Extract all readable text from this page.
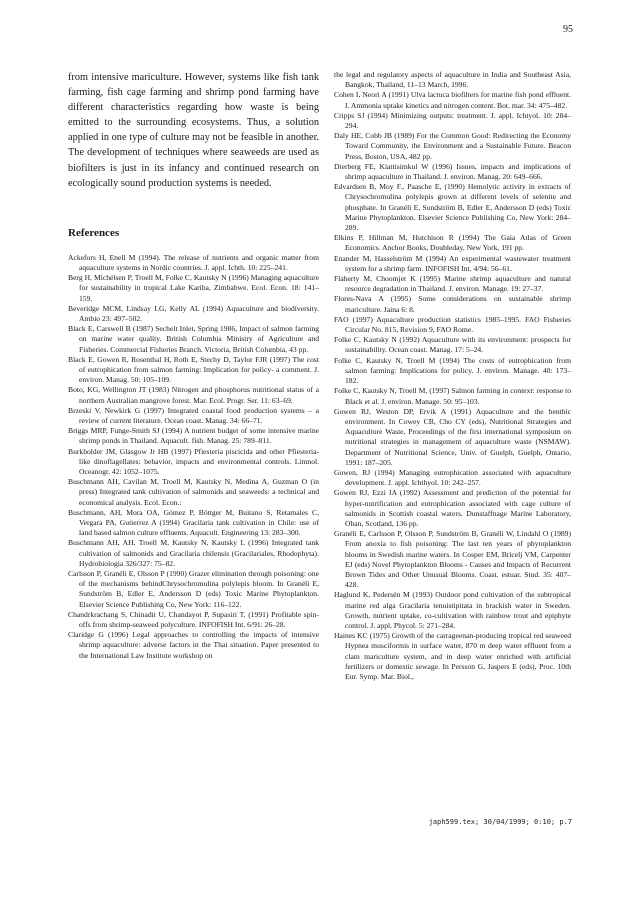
95

from intensive mariculture. However, systems like fish tank farming, fish cage farming and shrimp pond farming have different characteristics regarding how waste is being emitted to the surrounding ecosystems. Thus, a solution applied in one type of culture may not be feasible in another. The development of techniques where seaweeds are used as biofilters is just in its infancy and continued research on ecologically sound production systems is needed.

References

Ackefors H, Enell M (1994). The release of nutrients and organic matter from aquaculture systems in Nordic countries. J. appl. Ichth. 10: 225–241.

Berg H, Michélsen P, Troell M, Folke C, Kautsky N (1996) Managing aquaculture for sustainability in tropical Lake Kariba, Zimbabwe. Ecol. Econ. 18: 141–159.

Beveridge MCM, Lindsay LG, Kelly AL (1994) Aquaculture and biodiversity. Ambio 23: 497–502.

Black E, Carswell B (1987) Sechelt Inlet, Spring 1986, Impact of salmon farming on marine water quality. British Columbia Ministry of Agriculture and Fisheries. Commercial Fisheries Branch. Victoria, British Columbia, 43 pp.

Black E, Gowen R, Rosenthal H, Roth E, Stechy D, Taylor FJR (1997) The cost of eutrophication from salmon farming: Implication for policy- a comment. J. environ. Manag. 50: 105–109.

Boto, KG, Wellington JT (1983) Nitrogen and phosphorus nutritional status of a northern Australian mangrove forest. Mar. Ecol. Progr. Ser. 11: 63–69.

Brzeski V, Newkirk G (1997) Integrated coastal food production systems – a review of current literature. Ocean coast. Manag. 34: 66–71.

Briggs MRP, Funge-Smith SJ (1994) A nutrient budget of some intensive marine shrimp ponds in Thailand. Aquacult. fish. Manag. 25: 789–811.

Burkholder JM, Glasgow Jr HB (1997) Pfiesteria piscicida and other Pfiesteria-like dinoflagellates: behavior, impacts and environmental controls. Limnol. Oceanogr. 42: 1052–1075.

Buschmann AH, Cavilan M, Troell M, Kautsky N, Medina A, Guzman O (in press) Integrated tank cultivation of salmonids and seaweeds: a technical and economical analysis. Ecol. Econ.:

Buschmann, AH, Mora OA, Gómez P, Böttger M, Buitano S, Retamales C, Vergara PA, Gutierrez A (1994) Gracilaria tank cultivation in Chile: use of land based salmon culture effluents. Aquacult. Engineering 13: 283–300.

Buschmann AH, AH. Troell M, Kautsky N, Kautsky L (1996) Integrated tank cultivation of salmonids and Gracilaria chilensis (Gracilariales, Rhodophyta). Hydrobiologia 326/327: 75–82.

Carlsson P, Granéli E, Olsson P (1990) Grazer elimination through poisoning: one of the mechanisms behindChrysochromulina polylepis bloom. In Granéli E, Sundström B, Edler E, Andersson D (eds) Toxic Marine Phytoplankton. Elsevier Science Publishing Co, New York: 116–122.

Chandrkrachang S, Chinadit U, Chandayot P, Supasiri T. (1991) Profitable spin-offs from shrimp-seaweed polyculture. INFOFISH Int. 6/91: 26–28.

Claridge G (1996) Legal approaches to controlling the impacts of intensive shrimp aquaculture: adverse factors in the Thai situation. Paper presented to the International Law Institute workshop on

the legal and regulatory aspects of aquaculture in India and Southeast Asia, Bangkok, Thailand, 11–13 March, 1996.

Cohen I, Neori A (1991) Ulva lactuca biofilters for marine fish pond effluent. I. Ammonia uptake kinetics and nitrogen content. Bot. mar. 34: 475–482.

Cripps SJ (1994) Minimizing outputs: treatment. J. appl. Ichtyol. 10: 284–294.

Daly HE, Cobb JB (1989) For the Common Good: Redirecting the Economy Toward Community, the Environment and a Sustainable Future. Beacon Press, Boston, USA, 482 pp.

Dierberg FE, Kiattisimkul W (1996) Issues, impacts and implications of shrimp aquaculture in Thailand. J. environ. Manag. 20: 649–666.

Edvardsen B, Moy F., Paasche E, (1990) Hemolytic activity in extracts of Chrysochromulina polylepis grown at different levels of selenite and phosphate. In Granéli E, Sundström B, Edler E, Andersson D (eds) Toxic Marine Phytoplankton. Elsevier Science Publishing Co, New York: 284–289.

Elkins P, Hillman M, Hutchison R (1994) The Gaia Atlas of Green Economics. Anchor Books, Doubleday, New York, 191 pp.

Enander M, Hasselström M (1994) An experimental wastewater treatment system for a shrimp farm. INFOFISH Int. 4/94: 56–61.

Flaherty M, Choomjet K (1995) Marine shrimp aquaculture and natural resource degradation in Thailand. J. environ. Manage. 19: 27–37.

Flores-Nava A (1995) Some considerations on sustainable shrimp mariculture. Jaina 6: 8.

FAO (1997) Aquaculture production statistics 1985–1995. FAO Fisheries Circular No. 815, Revision 9, FAO Rome.

Folke C, Kautsky N (1992) Aquaculture with its environment: prospects for sustainability. Ocean coast. Manag. 17: 5–24.

Folke C, Kautsky N, Troell M (1994) The costs of eutrophication from salmon farming: Implications for policy. J. environ. Manage. 40: 173–182.

Folke C, Kautsky N, Troell M, (1997) Salmon farming in context: response to Black et al. J. environ. Manage. 50: 95–103.

Gowen RJ, Weston DP, Ervik A (1991) Aquaculture and the benthic environment. In Cowey CB, Cho CY (eds), Nutritional Strategies and Aquaculture Waste, Proceedings of the first international symposium on nutritional strategies in management of aquaculture waste (NSMAW). Department of Nutritional Science, Univ. of Guelph, Guelph, Ontario, 1991: 187–205.

Gowen, RJ (1994) Managing eutrophication associated with aquaculture development. J. appl. Ichthyol. 10: 242–257.

Gowen RJ, Ezzi IA (1992) Assessment and prediction of the potential for hyper-nutrification and eutrophication associated with cage culture of salmonids in Scottish coastal waters. Dunstaffnage Marine Laboratory, Oban, Scotland, 136 pp.

Granéli E, Carlsson P, Olsson P, Sundström B, Granéli W, Lindahl O (1989) From anoxia to fish poisoning: The last ten years of phytoplankton blooms in Swedish marine waters. In Cosper EM, Bricelj VM, Carpenter EJ (eds) Novel Phytoplankton Blooms - Causes and Impacts of Recurrent Brown Tides and Other Unusual Blooms. Coast. estuar. Stud. 35: 407–428.

Haglund K, Pedersén M (1993) Outdoor pond cultivation of the subtropical marine red alga Gracilaria tenuistipitata in brackish water in Sweden. Growth, nutrient uptake, co-cultivation with rainbow trout and epiphyte control. J. appl. Phycol. 5: 271–284.

Haines KC (1975) Growth of the carrageenan-producing tropical red seaweed Hypnea musciformis in surface water, 870 m deep water effluent from a clam mariculture system, and in deep water enriched with artificial fertilizers or domestic sewage. In Persson G, Jaspers E (eds), Proc. 10th Eur. Symp. Mar. Biol.,

japh599.tex; 30/04/1999; 0:10; p.7
